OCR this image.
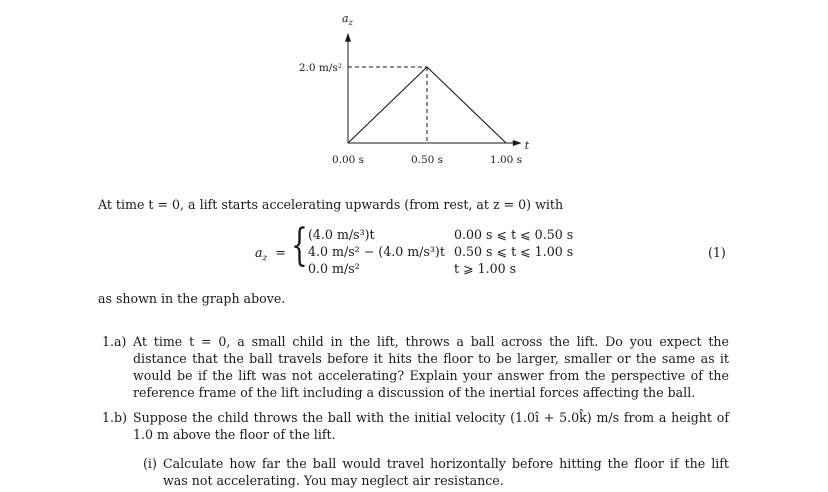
$a_z$
t
2.0 m/s²
0.00 s	0.50 s	1.00 s
At time t = 0, a lift starts accelerating upwards (from rest, at z = 0) with
$a_z$ = { (4.0 m/s³)t
4.0 m/s² − (4.0 m/s³)t
0.0 m/s²
0.00 s ⩽ t ⩽ 0.50 s
0.50 s ⩽ t ⩽ 1.00 s
t ⩾ 1.00 s
(1)
as shown in the graph above.
1.a) At time t = 0, a small child in the lift, throws a ball across the lift. Do you expect the distance that the ball travels before it hits the floor to be larger, smaller or the same as it would be if the lift was not accelerating? Explain your answer from the perspective of the reference frame of the lift including a discussion of the inertial forces affecting the ball.
1.b) Suppose the child throws the ball with the initial velocity (1.0î + 5.0k̂) m/s from a height of 1.0 m above the floor of the lift.
(i) Calculate how far the ball would travel horizontally before hitting the floor if the lift was not accelerating. You may neglect air resistance.
